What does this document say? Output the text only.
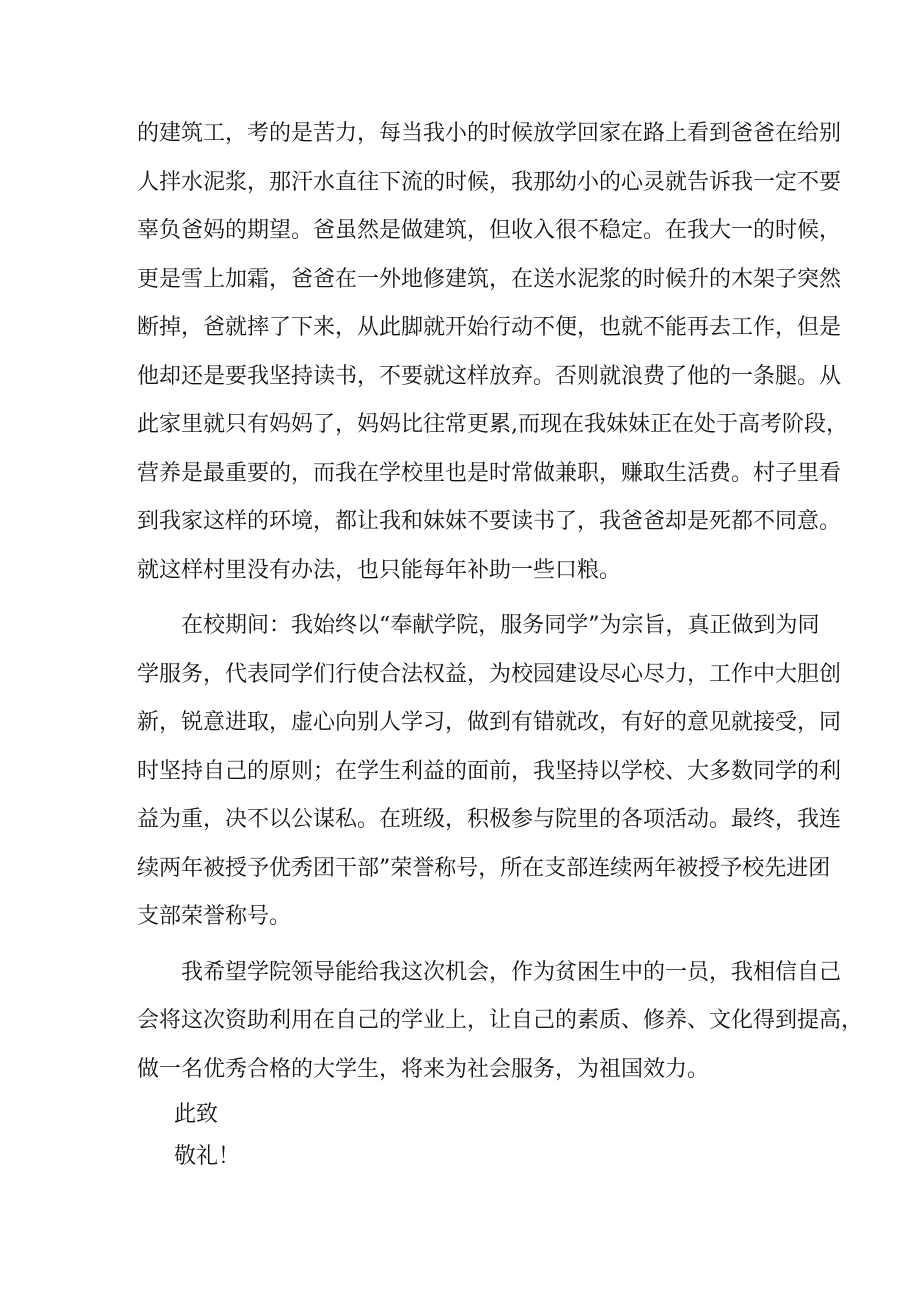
的建筑工，考的是苦力，每当我小的时候放学回家在路上看到爸爸在给别
人拌水泥浆，那汗水直往下流的时候，我那幼小的心灵就告诉我一定不要
辜负爸妈的期望。爸虽然是做建筑，但收入很不稳定。在我大一的时候，
更是雪上加霜，爸爸在一外地修建筑，在送水泥浆的时候升的木架子突然
断掉，爸就摔了下来，从此脚就开始行动不便，也就不能再去工作，但是
他却还是要我坚持读书，不要就这样放弃。否则就浪费了他的一条腿。从
此家里就只有妈妈了，妈妈比往常更累,而现在我妹妹正在处于高考阶段，
营养是最重要的，而我在学校里也是时常做兼职，赚取生活费。村子里看
到我家这样的环境，都让我和妹妹不要读书了，我爸爸却是死都不同意。
就这样村里没有办法，也只能每年补助一些口粮。
在校期间：我始终以“奉献学院，服务同学”为宗旨，真正做到为同
学服务，代表同学们行使合法权益，为校园建设尽心尽力，工作中大胆创
新，锐意进取，虚心向别人学习，做到有错就改，有好的意见就接受，同
时坚持自己的原则；在学生利益的面前，我坚持以学校、大多数同学的利
益为重，决不以公谋私。在班级，积极参与院里的各项活动。最终，我连
续两年被授予优秀团干部”荣誉称号，所在支部连续两年被授予校先进团
支部荣誉称号。
我希望学院领导能给我这次机会，作为贫困生中的一员，我相信自己
会将这次资助利用在自己的学业上，让自己的素质、修养、文化得到提高，
做一名优秀合格的大学生，将来为社会服务，为祖国效力。
此致
敬礼！
